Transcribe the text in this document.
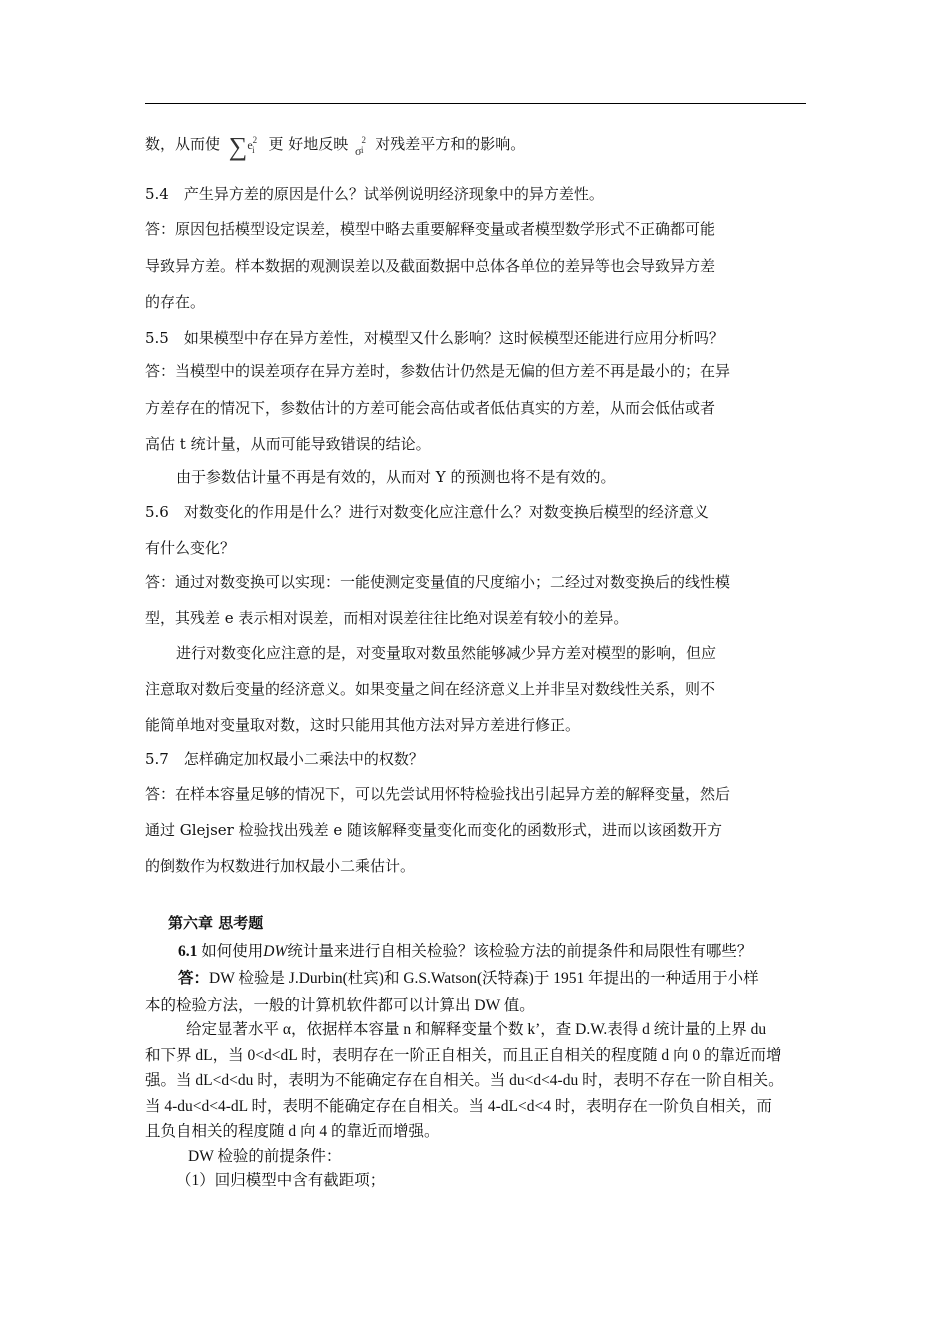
数，从而使 $\sum e^2_i$ 更 好地反映 $_\sigma^2_i$ 对残差平方和的影响。
5.4　产生异方差的原因是什么？试举例说明经济现象中的异方差性。
答：原因包括模型设定误差，模型中略去重要解释变量或者模型数学形式不正确都可能
导致异方差。样本数据的观测误差以及截面数据中总体各单位的差异等也会导致异方差
的存在。
5.5　如果模型中存在异方差性，对模型又什么影响？这时候模型还能进行应用分析吗？
答：当模型中的误差项存在异方差时，参数估计仍然是无偏的但方差不再是最小的；在异
方差存在的情况下，参数估计的方差可能会高估或者低估真实的方差，从而会低估或者
高估 t 统计量，从而可能导致错误的结论。
由于参数估计量不再是有效的，从而对 Y 的预测也将不是有效的。
5.6　对数变化的作用是什么？进行对数变化应注意什么？对数变换后模型的经济意义
有什么变化？
答：通过对数变换可以实现：一能使测定变量值的尺度缩小；二经过对数变换后的线性模
型，其残差 e 表示相对误差，而相对误差往往比绝对误差有较小的差异。
进行对数变化应注意的是，对变量取对数虽然能够减少异方差对模型的影响，但应
注意取对数后变量的经济意义。如果变量之间在经济意义上并非呈对数线性关系，则不
能简单地对变量取对数，这时只能用其他方法对异方差进行修正。
5.7　怎样确定加权最小二乘法中的权数？
答：在样本容量足够的情况下，可以先尝试用怀特检验找出引起异方差的解释变量，然后
通过 Glejser 检验找出残差 e 随该解释变量变化而变化的函数形式，进而以该函数开方
的倒数作为权数进行加权最小二乘估计。
第六章 思考题
6.1 如何使用DW统计量来进行自相关检验？该检验方法的前提条件和局限性有哪些？
答：DW 检验是 J.Durbin(杜宾)和 G.S.Watson(沃特森)于 1951 年提出的一种适用于小样
本的检验方法，一般的计算机软件都可以计算出 DW 值。
给定显著水平 α，依据样本容量 n 和解释变量个数 k’，查 D.W.表得 d 统计量的上界 du
和下界 dL，当 0<d<dL 时，表明存在一阶正自相关，而且正自相关的程度随 d 向 0 的靠近而增
强。当 dL<d<du 时，表明为不能确定存在自相关。当 du<d<4-du 时，表明不存在一阶自相关。
当 4-du<d<4-dL 时，表明不能确定存在自相关。当 4-dL<d<4 时，表明存在一阶负自相关，而
且负自相关的程度随 d 向 4 的靠近而增强。
DW 检验的前提条件：
（1）回归模型中含有截距项；
